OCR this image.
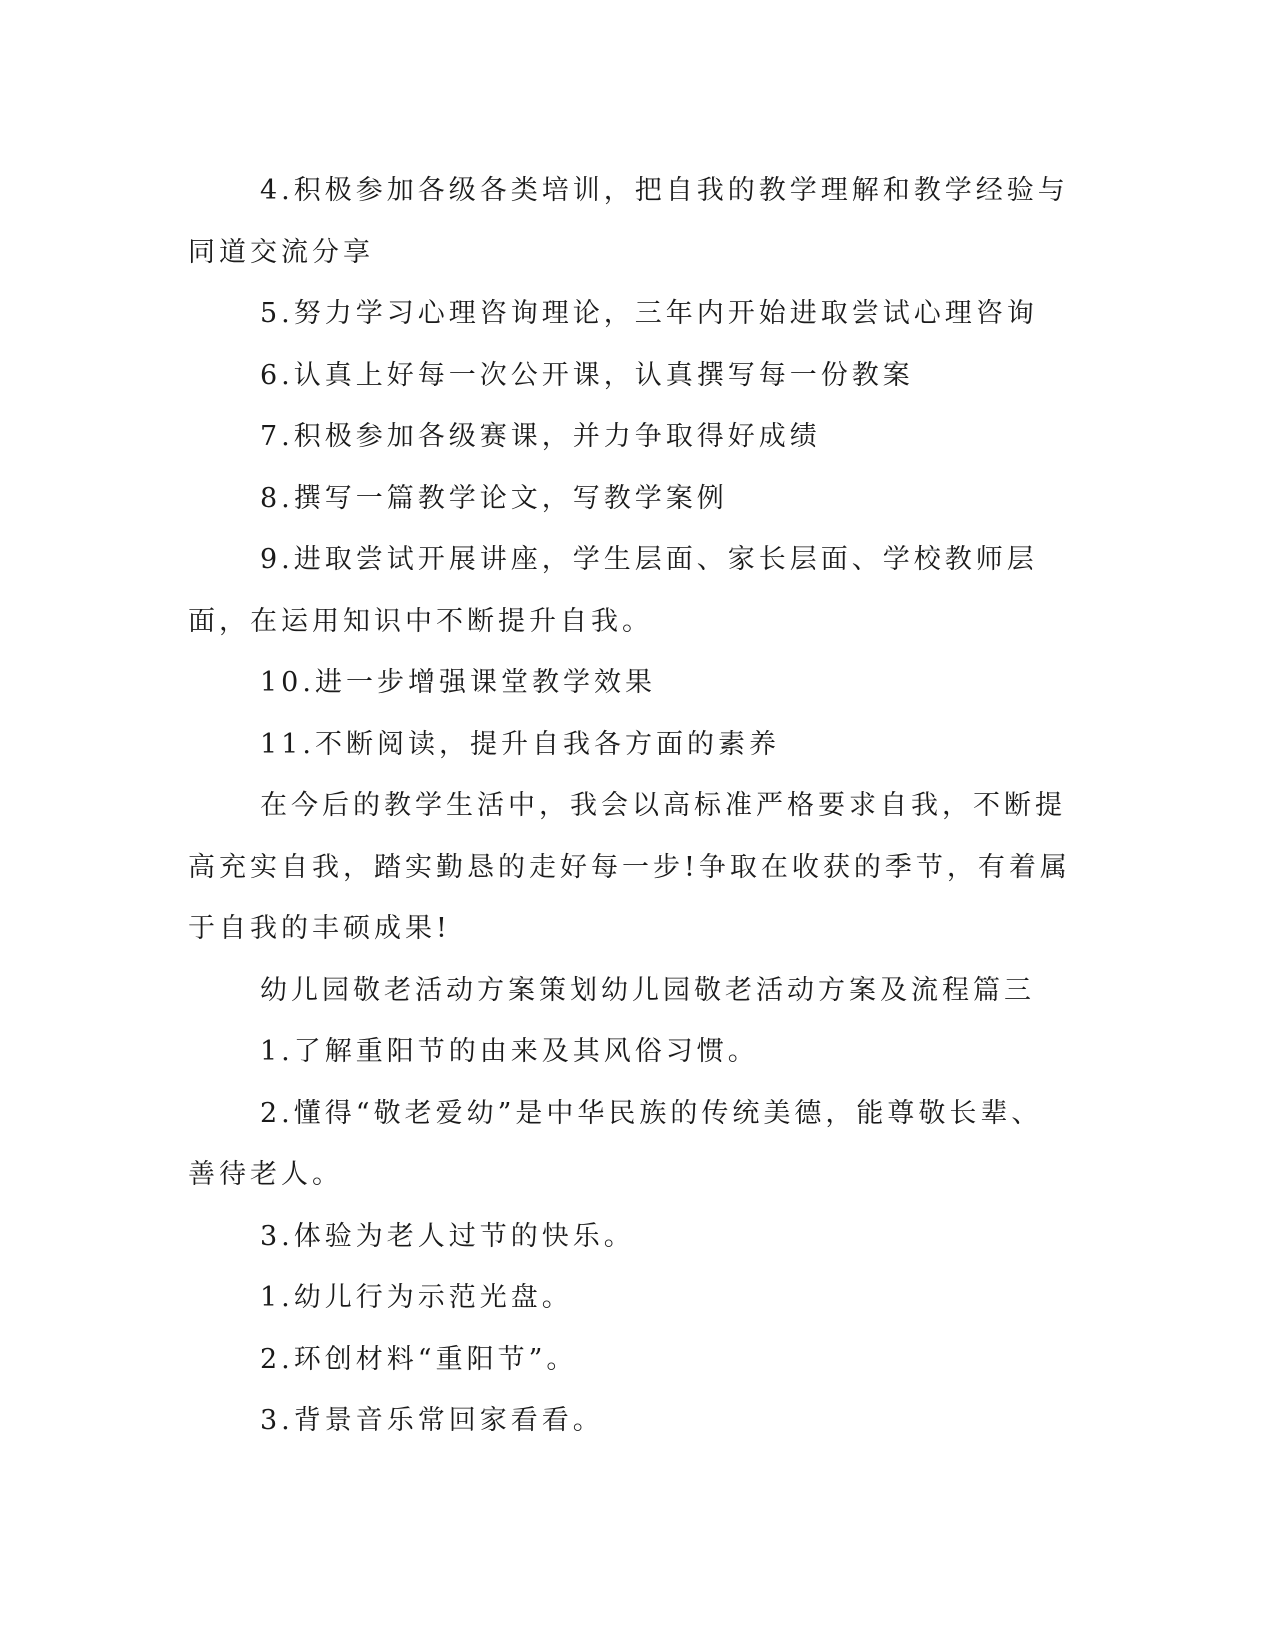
4.积极参加各级各类培训，把自我的教学理解和教学经验与同道交流分享

5.努力学习心理咨询理论，三年内开始进取尝试心理咨询

6.认真上好每一次公开课，认真撰写每一份教案

7.积极参加各级赛课，并力争取得好成绩

8.撰写一篇教学论文，写教学案例

9.进取尝试开展讲座，学生层面、家长层面、学校教师层面，在运用知识中不断提升自我。

10.进一步增强课堂教学效果

11.不断阅读，提升自我各方面的素养

在今后的教学生活中，我会以高标准严格要求自我，不断提高充实自我，踏实勤恳的走好每一步!争取在收获的季节，有着属于自我的丰硕成果!

幼儿园敬老活动方案策划幼儿园敬老活动方案及流程篇三

1.了解重阳节的由来及其风俗习惯。

2.懂得“敬老爱幼”是中华民族的传统美德，能尊敬长辈、善待老人。

3.体验为老人过节的快乐。

1.幼儿行为示范光盘。

2.环创材料“重阳节”。

3.背景音乐常回家看看。
